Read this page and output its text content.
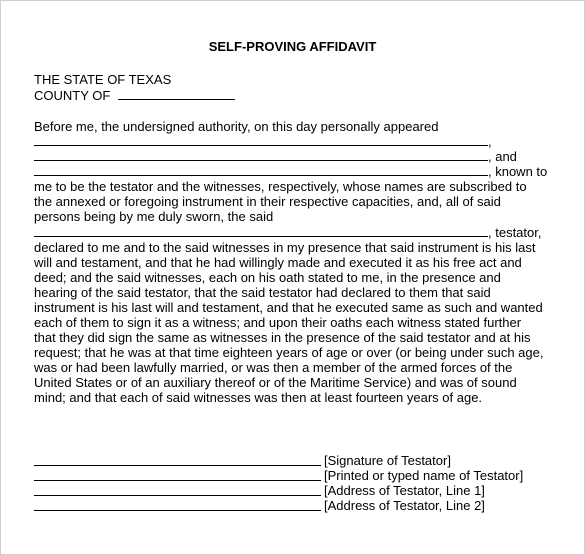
SELF-PROVING AFFIDAVIT
THE STATE OF TEXAS
COUNTY OF
Before me, the undersigned authority, on this day personally appeared
,
, and
, known to
me to be the testator and the witnesses, respectively, whose names are subscribed to
the annexed or foregoing instrument in their respective capacities, and, all of said
persons being by me duly sworn, the said
, testator,
declared to me and to the said witnesses in my presence that said instrument is his last
will and testament, and that he had willingly made and executed it as his free act and
deed; and the said witnesses, each on his oath stated to me, in the presence and
hearing of the said testator, that the said testator had declared to them that said
instrument is his last will and testament, and that he executed same as such and wanted
each of them to sign it as a witness; and upon their oaths each witness stated further
that they did sign the same as witnesses in the presence of the said testator and at his
request; that he was at that time eighteen years of age or over (or being under such age,
was or had been lawfully married, or was then a member of the armed forces of the
United States or of an auxiliary thereof or of the Maritime Service) and was of sound
mind; and that each of said witnesses was then at least fourteen years of age.
[Signature of Testator]
[Printed or typed name of Testator]
[Address of Testator, Line 1]
[Address of Testator, Line 2]
